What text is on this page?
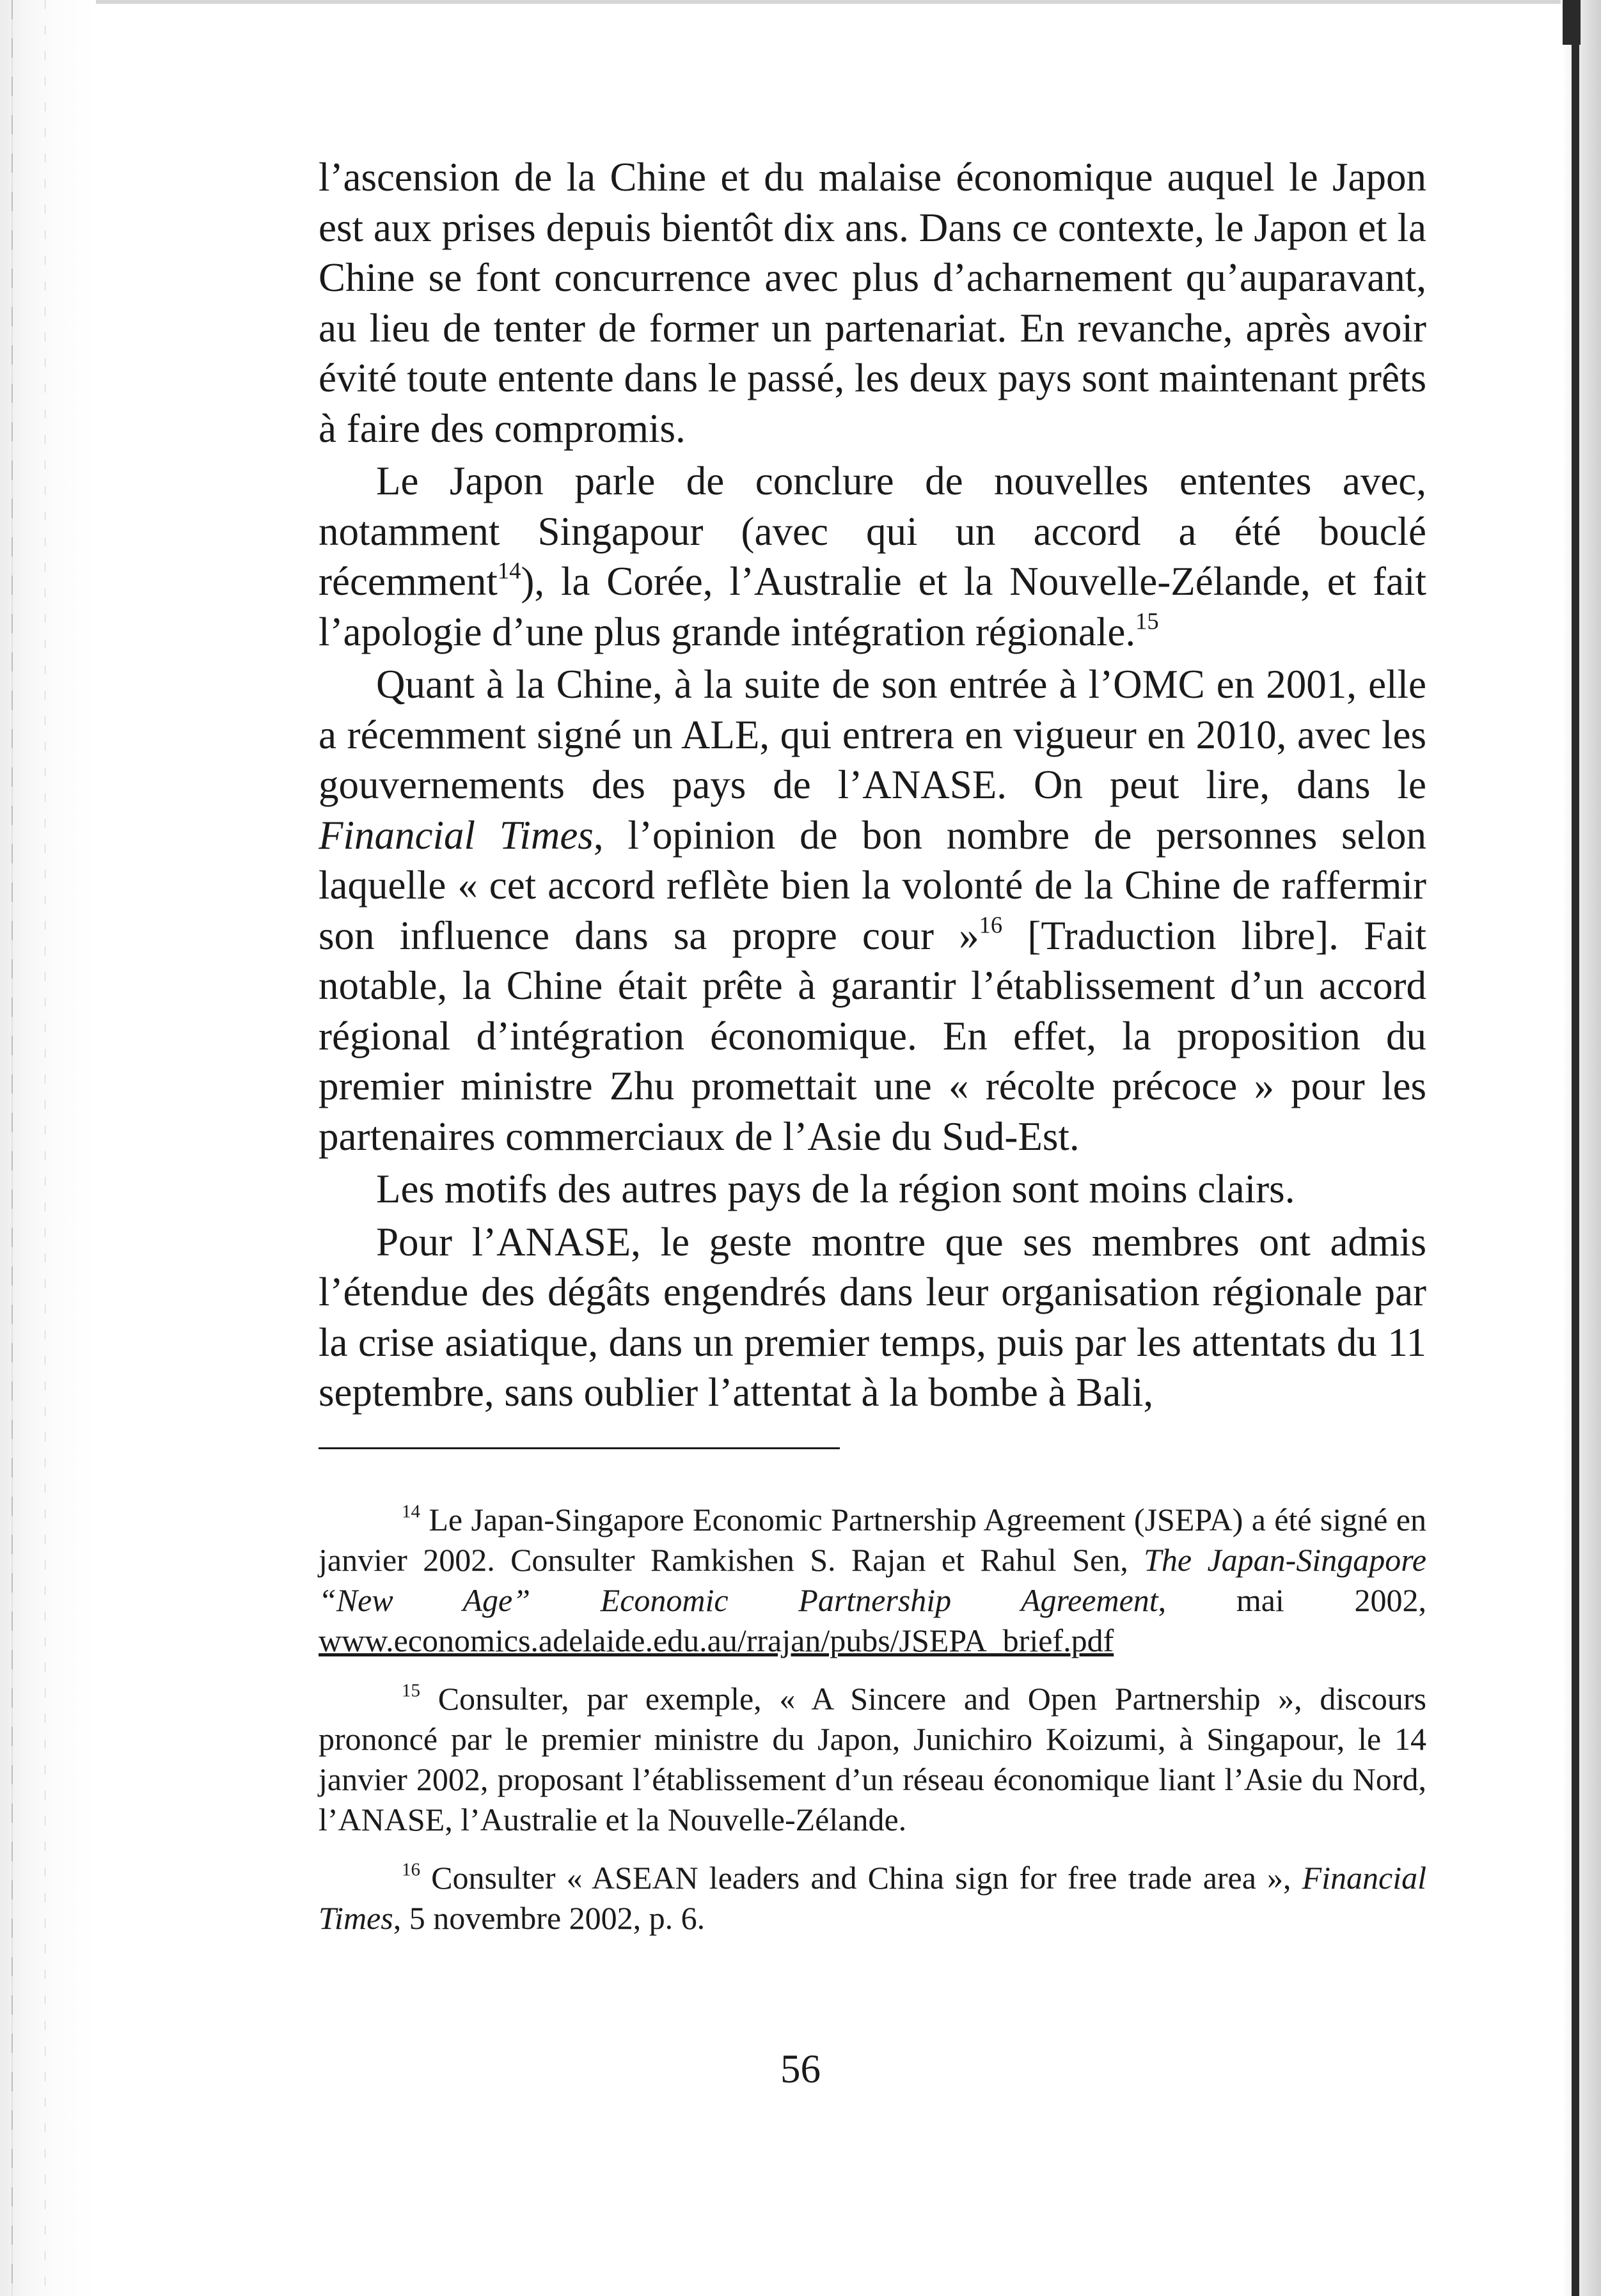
l’ascension de la Chine et du malaise économique auquel le Japon est aux prises depuis bientôt dix ans. Dans ce contexte, le Japon et la Chine se font concurrence avec plus d’acharnement qu’auparavant, au lieu de tenter de former un partenariat. En revanche, après avoir évité toute entente dans le passé, les deux pays sont maintenant prêts à faire des compromis.

Le Japon parle de conclure de nouvelles ententes avec, notamment Singapour (avec qui un accord a été bouclé récemment$^{14}$), la Corée, l’Australie et la Nouvelle-Zélande, et fait l’apologie d’une plus grande intégration régionale.$^{15}$

Quant à la Chine, à la suite de son entrée à l’OMC en 2001, elle a récemment signé un ALE, qui entrera en vigueur en 2010, avec les gouvernements des pays de l’ANASE. On peut lire, dans le Financial Times, l’opinion de bon nombre de personnes selon laquelle « cet accord reflète bien la volonté de la Chine de raffermir son influence dans sa propre cour »$^{16}$ [Traduction libre]. Fait notable, la Chine était prête à garantir l’établissement d’un accord régional d’intégration économique. En effet, la proposition du premier ministre Zhu promettait une « récolte précoce » pour les partenaires commerciaux de l’Asie du Sud-Est.

Les motifs des autres pays de la région sont moins clairs.

Pour l’ANASE, le geste montre que ses membres ont admis l’étendue des dégâts engendrés dans leur organisation régionale par la crise asiatique, dans un premier temps, puis par les attentats du 11 septembre, sans oublier l’attentat à la bombe à Bali,

$^{14}$ Le Japan-Singapore Economic Partnership Agreement (JSEPA) a été signé en janvier 2002. Consulter Ramkishen S. Rajan et Rahul Sen, The Japan-Singapore “New Age” Economic Partnership Agreement, mai 2002, www.economics.adelaide.edu.au/rrajan/pubs/JSEPA_brief.pdf

$^{15}$ Consulter, par exemple, « A Sincere and Open Partnership », discours prononcé par le premier ministre du Japon, Junichiro Koizumi, à Singapour, le 14 janvier 2002, proposant l’établissement d’un réseau économique liant l’Asie du Nord, l’ANASE, l’Australie et la Nouvelle-Zélande.

$^{16}$ Consulter « ASEAN leaders and China sign for free trade area », Financial Times, 5 novembre 2002, p. 6.

56
